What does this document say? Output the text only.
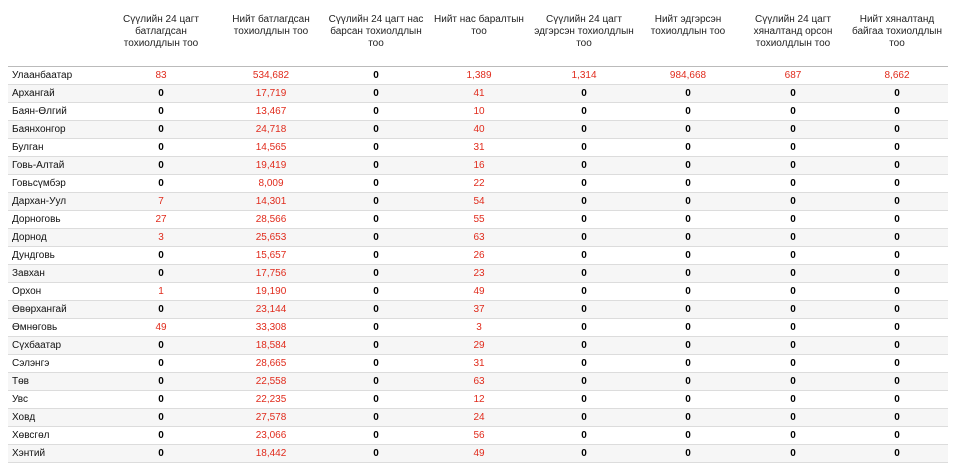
	Сүүлийн 24 цагт батлагдсан тохиолдлын тоо	Нийт батлагдсан тохиолдлын тоо	Сүүлийн 24 цагт нас барсан тохиолдлын тоо	Нийт нас баралтын тоо	Сүүлийн 24 цагт эдгэрсэн тохиолдлын тоо	Нийт эдгэрсэн тохиолдлын тоо	Сүүлийн 24 цагт хяналтанд орсон тохиолдлын тоо	Нийт хяналтанд байгаа тохиолдлын тоо
Улаанбаатар	83	534,682	0	1,389	1,314	984,668	687	8,662
Архангай	0	17,719	0	41	0	0	0	0
Баян-Өлгий	0	13,467	0	10	0	0	0	0
Баянхонгор	0	24,718	0	40	0	0	0	0
Булган	0	14,565	0	31	0	0	0	0
Говь-Алтай	0	19,419	0	16	0	0	0	0
Говьсүмбэр	0	8,009	0	22	0	0	0	0
Дархан-Уул	7	14,301	0	54	0	0	0	0
Дорноговь	27	28,566	0	55	0	0	0	0
Дорнод	3	25,653	0	63	0	0	0	0
Дундговь	0	15,657	0	26	0	0	0	0
Завхан	0	17,756	0	23	0	0	0	0
Орхон	1	19,190	0	49	0	0	0	0
Өвөрхангай	0	23,144	0	37	0	0	0	0
Өмнөговь	49	33,308	0	3	0	0	0	0
Сүхбаатар	0	18,584	0	29	0	0	0	0
Сэлэнгэ	0	28,665	0	31	0	0	0	0
Төв	0	22,558	0	63	0	0	0	0
Увс	0	22,235	0	12	0	0	0	0
Ховд	0	27,578	0	24	0	0	0	0
Хөвсгөл	0	23,066	0	56	0	0	0	0
Хэнтий	0	18,442	0	49	0	0	0	0
